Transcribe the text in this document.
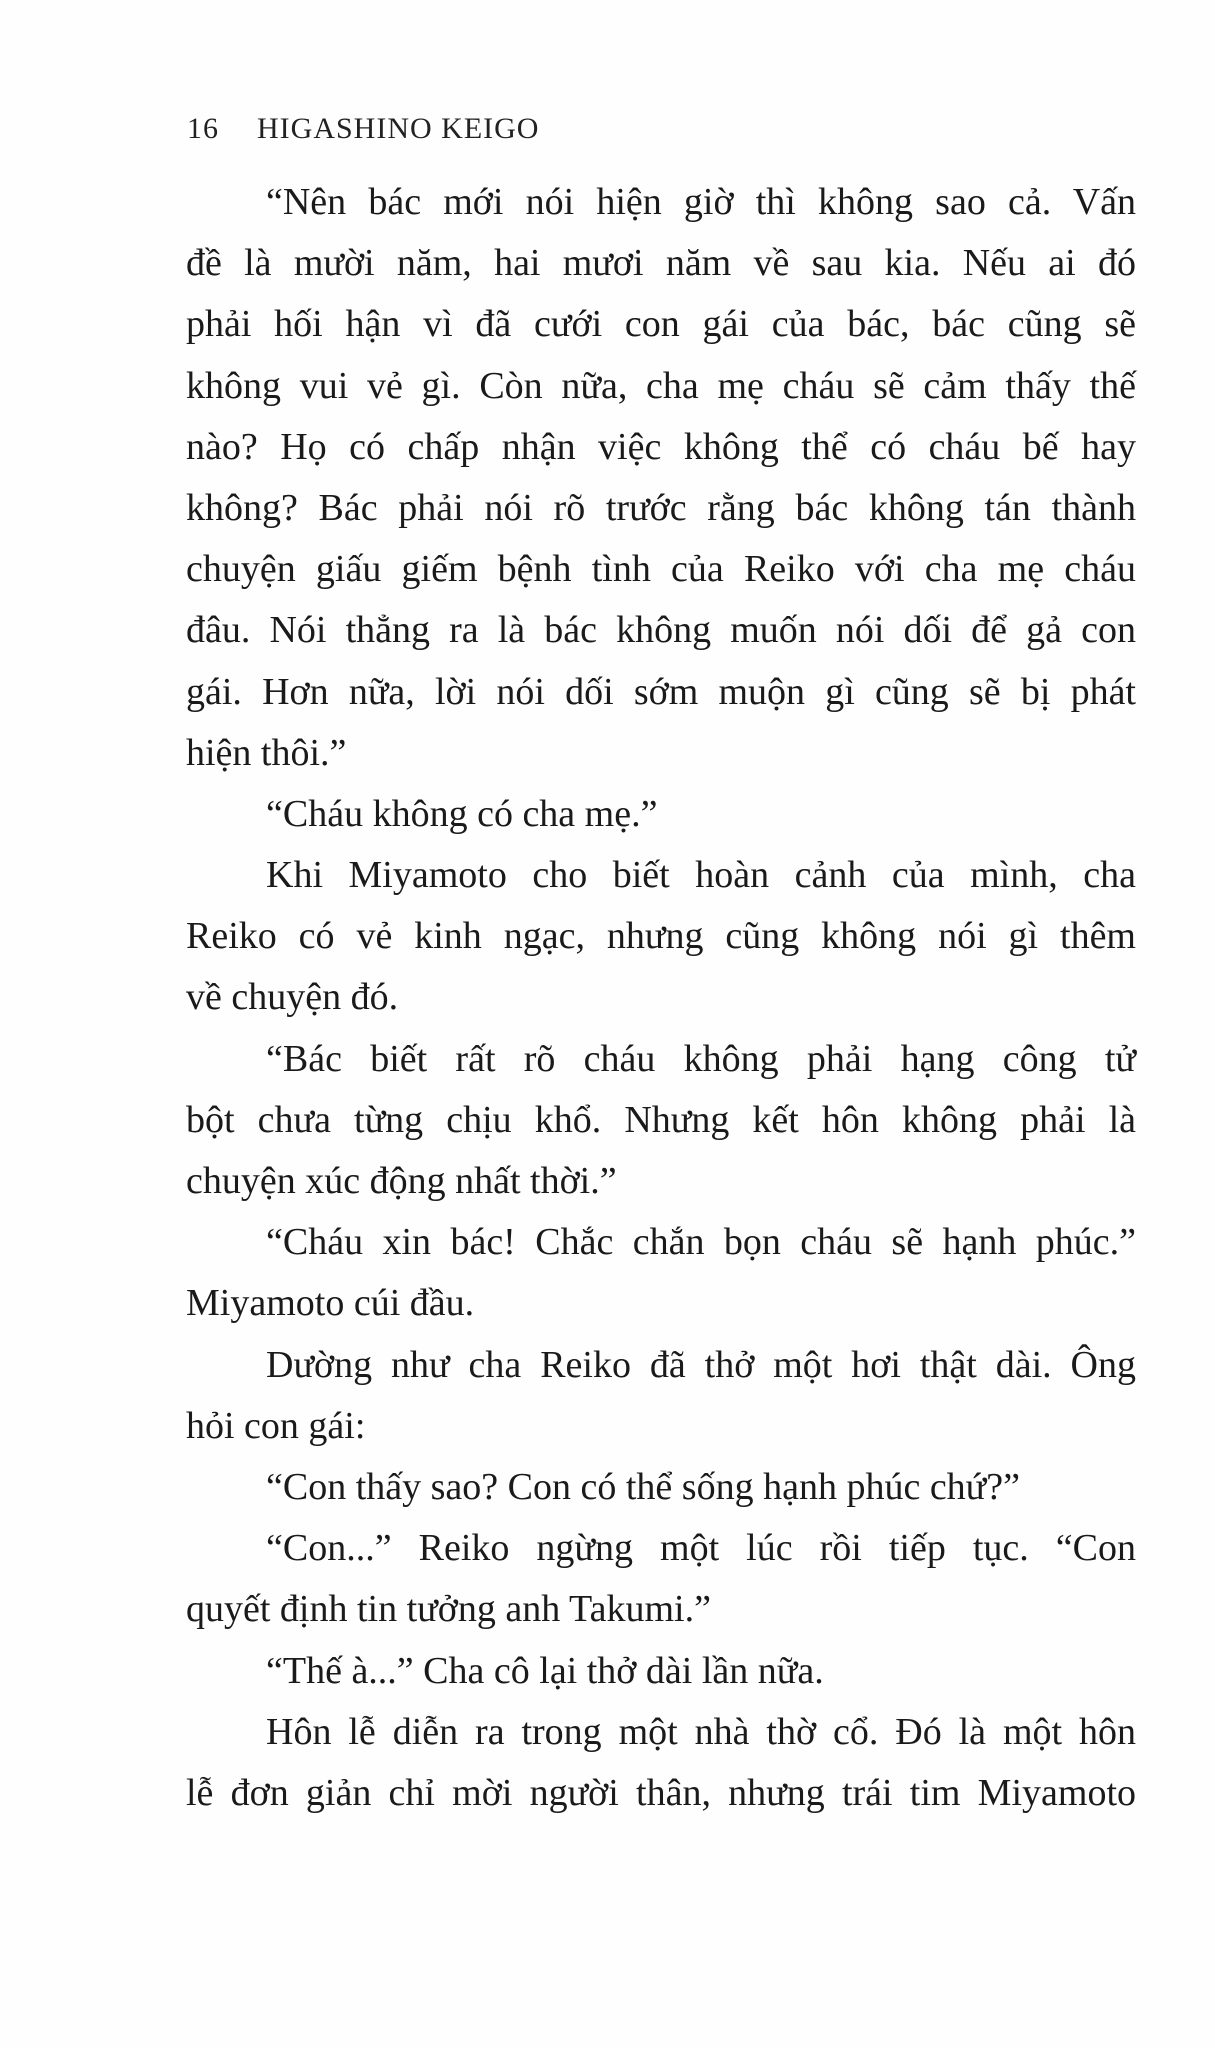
16 HIGASHINO KEIGO
“Nên bác mới nói hiện giờ thì không sao cả. Vấn
đề là mười năm, hai mươi năm về sau kia. Nếu ai đó
phải hối hận vì đã cưới con gái của bác, bác cũng sẽ
không vui vẻ gì. Còn nữa, cha mẹ cháu sẽ cảm thấy thế
nào? Họ có chấp nhận việc không thể có cháu bế hay
không? Bác phải nói rõ trước rằng bác không tán thành
chuyện giấu giếm bệnh tình của Reiko với cha mẹ cháu
đâu. Nói thẳng ra là bác không muốn nói dối để gả con
gái. Hơn nữa, lời nói dối sớm muộn gì cũng sẽ bị phát
hiện thôi.”
“Cháu không có cha mẹ.”
Khi Miyamoto cho biết hoàn cảnh của mình, cha
Reiko có vẻ kinh ngạc, nhưng cũng không nói gì thêm
về chuyện đó.
“Bác biết rất rõ cháu không phải hạng công tử
bột chưa từng chịu khổ. Nhưng kết hôn không phải là
chuyện xúc động nhất thời.”
“Cháu xin bác! Chắc chắn bọn cháu sẽ hạnh phúc.”
Miyamoto cúi đầu.
Dường như cha Reiko đã thở một hơi thật dài. Ông
hỏi con gái:
“Con thấy sao? Con có thể sống hạnh phúc chứ?”
“Con...” Reiko ngừng một lúc rồi tiếp tục. “Con
quyết định tin tưởng anh Takumi.”
“Thế à...” Cha cô lại thở dài lần nữa.
Hôn lễ diễn ra trong một nhà thờ cổ. Đó là một hôn
lễ đơn giản chỉ mời người thân, nhưng trái tim Miyamoto
